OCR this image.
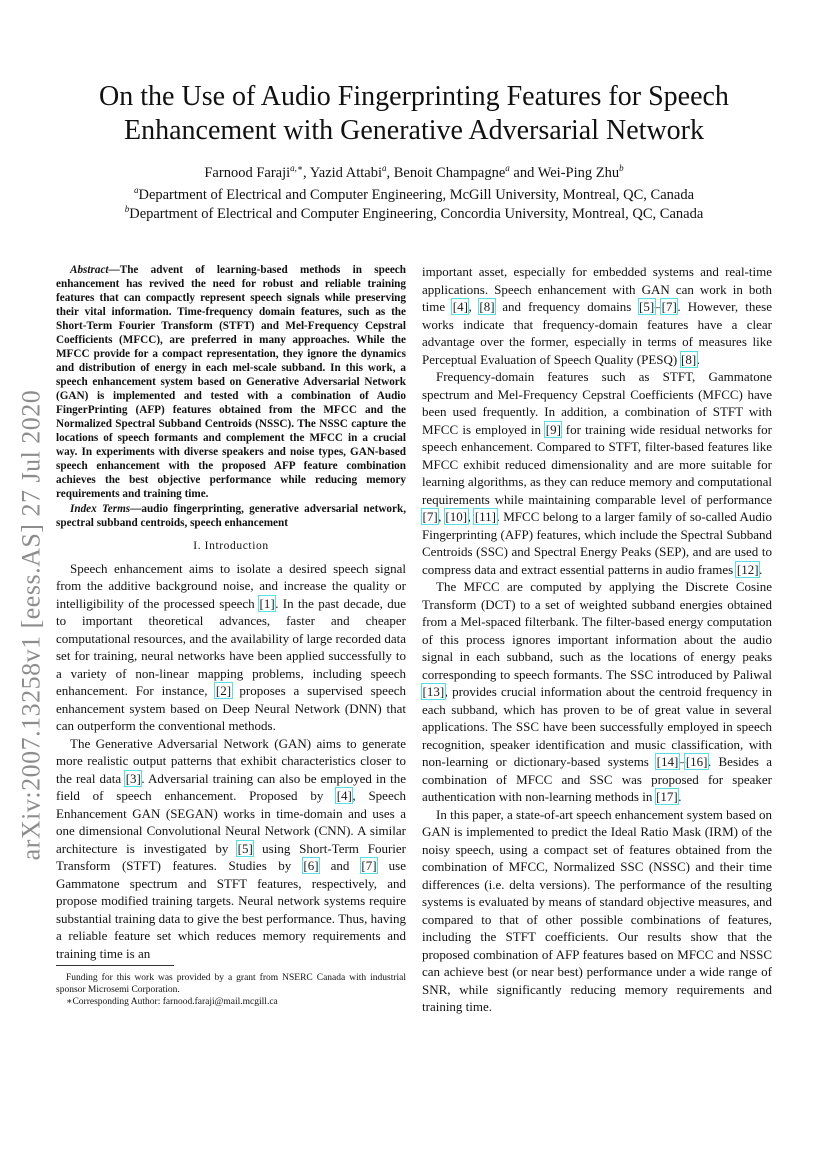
arXiv:2007.13258v1 [eess.AS] 27 Jul 2020
On the Use of Audio Fingerprinting Features for Speech Enhancement with Generative Adversarial Network
Farnood Faraji$^{a,∗}$, Yazid Attabi$^a$, Benoit Champagne$^a$ and Wei-Ping Zhu$^b$
$^a$Department of Electrical and Computer Engineering, McGill University, Montreal, QC, Canada
$^b$Department of Electrical and Computer Engineering, Concordia University, Montreal, QC, Canada

Abstract—The advent of learning-based methods in speech enhancement has revived the need for robust and reliable training features that can compactly represent speech signals while preserving their vital information. Time-frequency domain features, such as the Short-Term Fourier Transform (STFT) and Mel-Frequency Cepstral Coefficients (MFCC), are preferred in many approaches. While the MFCC provide for a compact representation, they ignore the dynamics and distribution of energy in each mel-scale subband. In this work, a speech enhancement system based on Generative Adversarial Network (GAN) is implemented and tested with a combination of Audio FingerPrinting (AFP) features obtained from the MFCC and the Normalized Spectral Subband Centroids (NSSC). The NSSC capture the locations of speech formants and complement the MFCC in a crucial way. In experiments with diverse speakers and noise types, GAN-based speech enhancement with the proposed AFP feature combination achieves the best objective performance while reducing memory requirements and training time.

Index Terms—audio fingerprinting, generative adversarial network, spectral subband centroids, speech enhancement

I. Introduction

Speech enhancement aims to isolate a desired speech signal from the additive background noise, and increase the quality or intelligibility of the processed speech [1]. In the past decade, due to important theoretical advances, faster and cheaper computational resources, and the availability of large recorded data set for training, neural networks have been applied successfully to a variety of non-linear mapping problems, including speech enhancement. For instance, [2] proposes a supervised speech enhancement system based on Deep Neural Network (DNN) that can outperform the conventional methods.

The Generative Adversarial Network (GAN) aims to generate more realistic output patterns that exhibit characteristics closer to the real data [3]. Adversarial training can also be employed in the field of speech enhancement. Proposed by [4], Speech Enhancement GAN (SEGAN) works in time-domain and uses a one dimensional Convolutional Neural Network (CNN). A similar architecture is investigated by [5] using Short-Term Fourier Transform (STFT) features. Studies by [6] and [7] use Gammatone spectrum and STFT features, respectively, and propose modified training targets. Neural network systems require substantial training data to give the best performance. Thus, having a reliable feature set which reduces memory requirements and training time is an

important asset, especially for embedded systems and real-time applications. Speech enhancement with GAN can work in both time [4], [8] and frequency domains [5]–[7]. However, these works indicate that frequency-domain features have a clear advantage over the former, especially in terms of measures like Perceptual Evaluation of Speech Quality (PESQ) [8].

Frequency-domain features such as STFT, Gammatone spectrum and Mel-Frequency Cepstral Coefficients (MFCC) have been used frequently. In addition, a combination of STFT with MFCC is employed in [9] for training wide residual networks for speech enhancement. Compared to STFT, filter-based features like MFCC exhibit reduced dimensionality and are more suitable for learning algorithms, as they can reduce memory and computational requirements while maintaining comparable level of performance [7], [10], [11]. MFCC belong to a larger family of so-called Audio Fingerprinting (AFP) features, which include the Spectral Subband Centroids (SSC) and Spectral Energy Peaks (SEP), and are used to compress data and extract essential patterns in audio frames [12].

The MFCC are computed by applying the Discrete Cosine Transform (DCT) to a set of weighted subband energies obtained from a Mel-spaced filterbank. The filter-based energy computation of this process ignores important information about the audio signal in each subband, such as the locations of energy peaks corresponding to speech formants. The SSC introduced by Paliwal [13], provides crucial information about the centroid frequency in each subband, which has proven to be of great value in several applications. The SSC have been successfully employed in speech recognition, speaker identification and music classification, with non-learning or dictionary-based systems [14]–[16]. Besides a combination of MFCC and SSC was proposed for speaker authentication with non-learning methods in [17].

In this paper, a state-of-art speech enhancement system based on GAN is implemented to predict the Ideal Ratio Mask (IRM) of the noisy speech, using a compact set of features obtained from the combination of MFCC, Normalized SSC (NSSC) and their time differences (i.e. delta versions). The performance of the resulting systems is evaluated by means of standard objective measures, and compared to that of other possible combinations of features, including the STFT coefficients. Our results show that the proposed combination of AFP features based on MFCC and NSSC can achieve best (or near best) performance under a wide range of SNR, while significantly reducing memory requirements and training time.

Funding for this work was provided by a grant from NSERC Canada with industrial sponsor Microsemi Corporation.

∗Corresponding Author: farnood.faraji@mail.mcgill.ca
